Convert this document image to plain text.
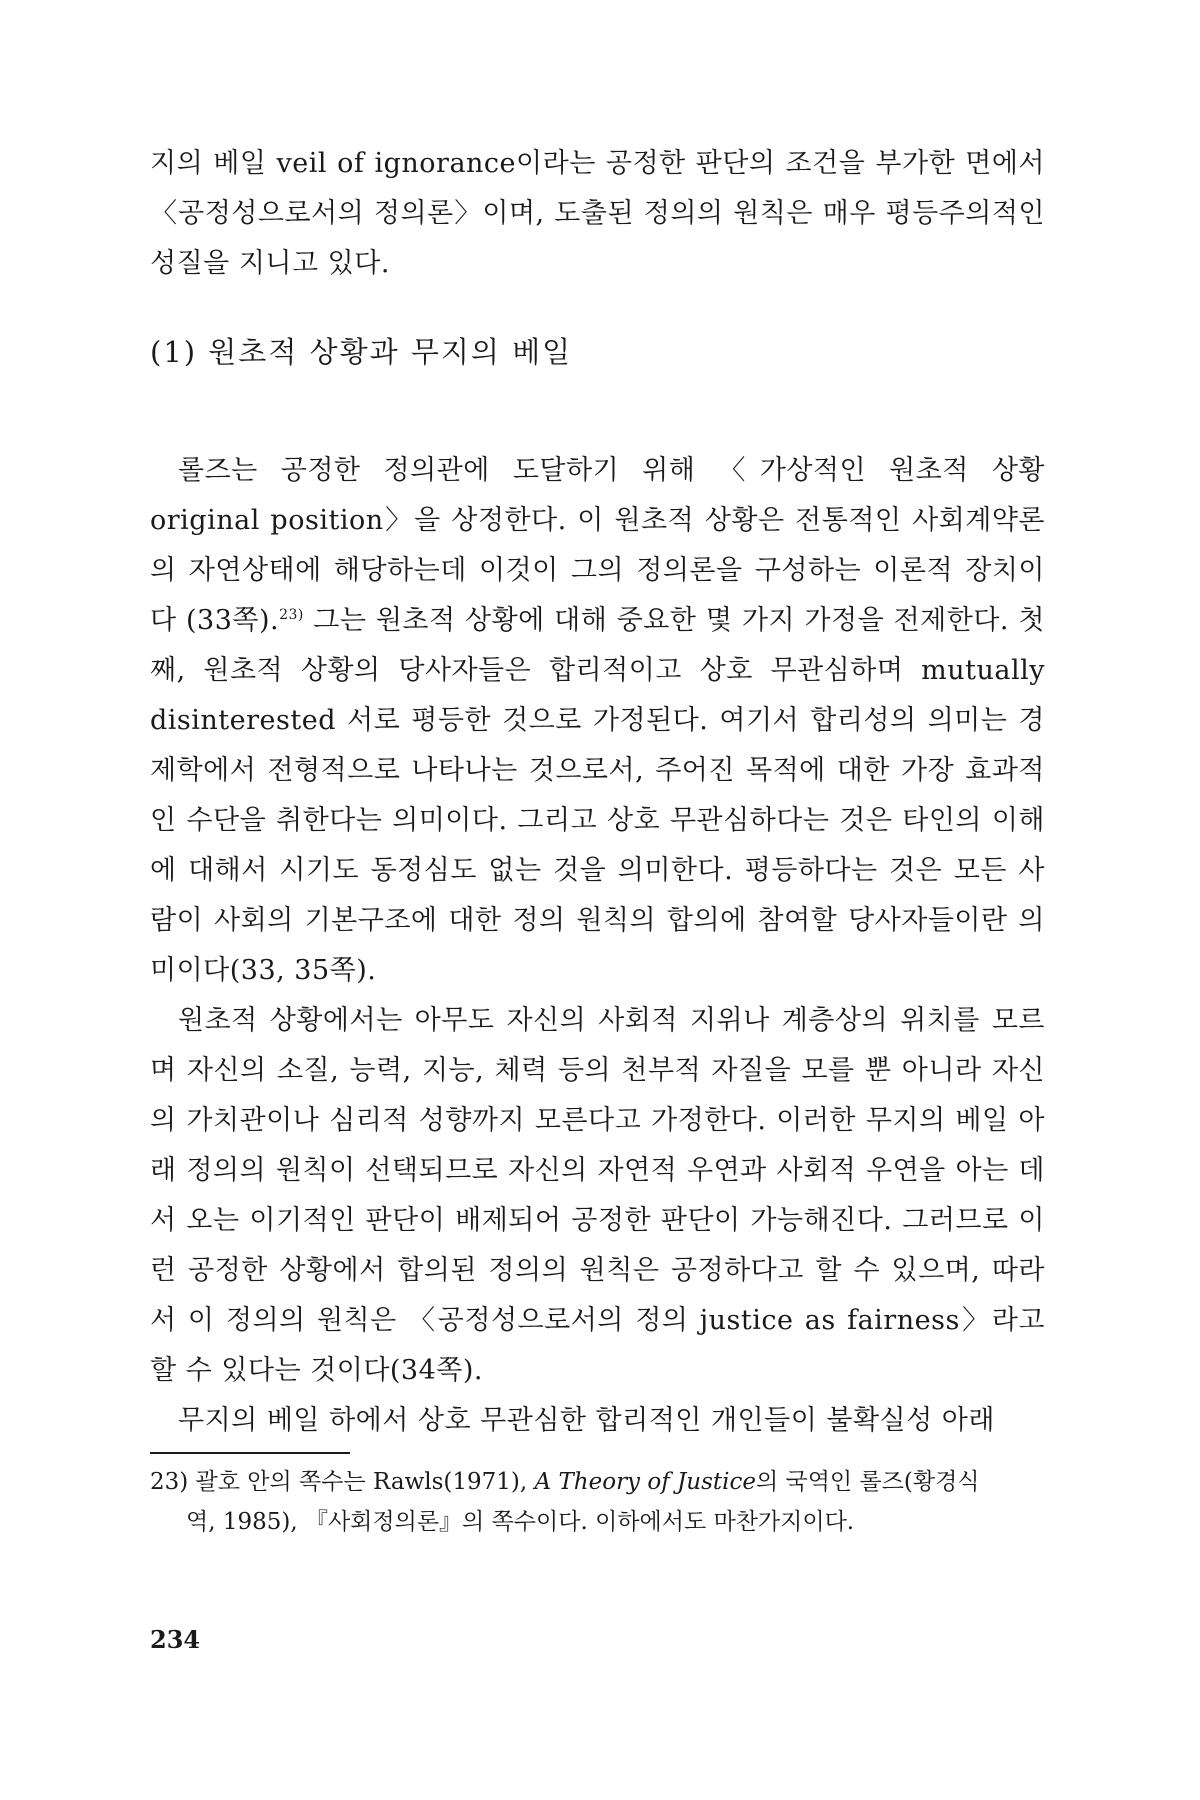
지의 베일 veil of ignorance이라는 공정한 판단의 조건을 부가한 면에서 〈공정성으로서의 정의론〉이며, 도출된 정의의 원칙은 매우 평등주의적인 성질을 지니고 있다.

(1) 원초적 상황과 무지의 베일

롤즈는 공정한 정의관에 도달하기 위해 〈가상적인 원초적 상황 original position〉을 상정한다. 이 원초적 상황은 전통적인 사회계약론의 자연상태에 해당하는데 이것이 그의 정의론을 구성하는 이론적 장치이다 (33쪽).$^{23)}$ 그는 원초적 상황에 대해 중요한 몇 가지 가정을 전제한다. 첫째, 원초적 상황의 당사자들은 합리적이고 상호 무관심하며 mutually disinterested 서로 평등한 것으로 가정된다. 여기서 합리성의 의미는 경제학에서 전형적으로 나타나는 것으로서, 주어진 목적에 대한 가장 효과적인 수단을 취한다는 의미이다. 그리고 상호 무관심하다는 것은 타인의 이해에 대해서 시기도 동정심도 없는 것을 의미한다. 평등하다는 것은 모든 사람이 사회의 기본구조에 대한 정의 원칙의 합의에 참여할 당사자들이란 의미이다(33, 35쪽).

원초적 상황에서는 아무도 자신의 사회적 지위나 계층상의 위치를 모르며 자신의 소질, 능력, 지능, 체력 등의 천부적 자질을 모를 뿐 아니라 자신의 가치관이나 심리적 성향까지 모른다고 가정한다. 이러한 무지의 베일 아래 정의의 원칙이 선택되므로 자신의 자연적 우연과 사회적 우연을 아는 데서 오는 이기적인 판단이 배제되어 공정한 판단이 가능해진다. 그러므로 이런 공정한 상황에서 합의된 정의의 원칙은 공정하다고 할 수 있으며, 따라서 이 정의의 원칙은 〈공정성으로서의 정의 justice as fairness〉라고 할 수 있다는 것이다(34쪽).

무지의 베일 하에서 상호 무관심한 합리적인 개인들이 불확실성 아래

23) 괄호 안의 쪽수는 Rawls(1971), A Theory of Justice의 국역인 롤즈(황경식
역, 1985), 『사회정의론』의 쪽수이다. 이하에서도 마찬가지이다.
234
